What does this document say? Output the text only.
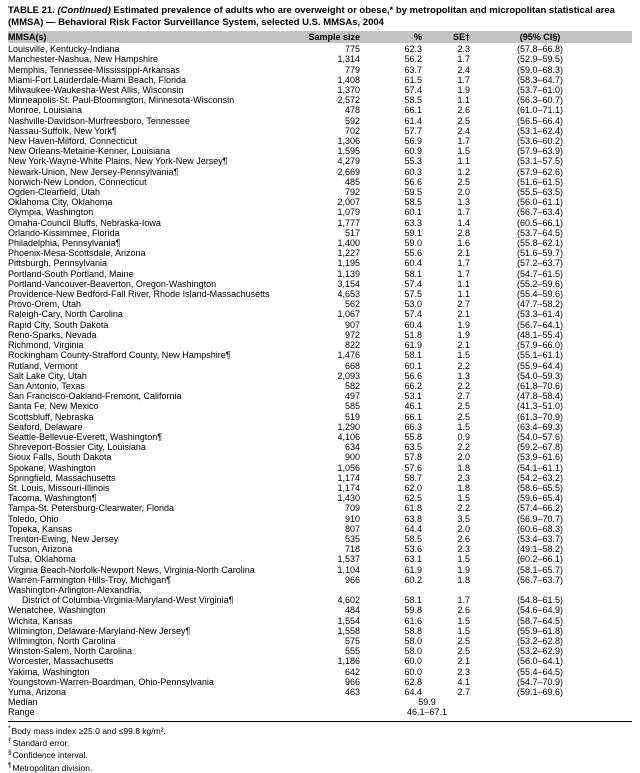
TABLE 21. (Continued) Estimated prevalence of adults who are overweight or obese,* by metropolitan and micropolitan statistical area (MMSA) — Behavioral Risk Factor Surveillance System, selected U.S. MMSAs, 2004
MMSA(s)	Sample size	%	SE†	(95% CI§)
Louisville, Kentucky-Indiana	775	62.3	2.3	(57.8–66.8)
Manchester-Nashua, New Hampshire	1,314	56.2	1.7	(52.9–59.5)
Memphis, Tennessee-Mississippi-Arkansas	779	63.7	2.4	(59.0–68.3)
Miami-Fort Lauderdale-Miami Beach, Florida	1,408	61.5	1.7	(58.3–64.7)
Milwaukee-Waukesha-West Allis, Wisconsin	1,370	57.4	1.9	(53.7–61.0)
Minneapolis-St. Paul-Bloomington, Minnesota-Wisconsin	2,572	58.5	1.1	(56.3–60.7)
Monroe, Louisiana	478	66.1	2.6	(61.0–71.1)
Nashville-Davidson-Murfreesboro, Tennessee	592	61.4	2.5	(56.5–66.4)
Nassau-Suffolk, New York¶	702	57.7	2.4	(53.1–62.4)
New Haven-Milford, Connecticut	1,306	56.9	1.7	(53.6–60.2)
New Orleans-Metairie-Kenner, Louisiana	1,595	60.9	1.5	(57.9–63.9)
New York-Wayne-White Plains, New York-New Jersey¶	4,279	55.3	1.1	(53.1–57.5)
Newark-Union, New Jersey-Pennsylvania¶	2,669	60.3	1.2	(57.9–62.6)
Norwich-New London, Connecticut	485	56.6	2.5	(51.6–61.5)
Ogden-Clearfield, Utah	792	59.5	2.0	(55.5–63.5)
Oklahoma City, Oklahoma	2,007	58.5	1.3	(56.0–61.1)
Olympia, Washington	1,079	60.1	1.7	(56.7–63.4)
Omaha-Council Bluffs, Nebraska-Iowa	1,777	63.3	1.4	(60.5–66.1)
Orlando-Kissimmee, Florida	517	59.1	2.8	(53.7–64.5)
Philadelphia, Pennsylvania¶	1,400	59.0	1.6	(55.8–62.1)
Phoenix-Mesa-Scottsdale, Arizona	1,227	55.6	2.1	(51.6–59.7)
Pittsburgh, Pennsylvania	1,195	60.4	1.7	(57.2–63.7)
Portland-South Portland, Maine	1,139	58.1	1.7	(54.7–61.5)
Portland-Vancouver-Beaverton, Oregon-Washington	3,154	57.4	1.1	(55.2–59.6)
Providence-New Bedford-Fall River, Rhode Island-Massachusetts	4,653	57.5	1.1	(55.4–59.6)
Provo-Orem, Utah	562	53.0	2.7	(47.7–58.2)
Raleigh-Cary, North Carolina	1,067	57.4	2.1	(53.3–61.4)
Rapid City, South Dakota	907	60.4	1.9	(56.7–64.1)
Reno-Sparks, Nevada	972	51.8	1.9	(48.1–55.4)
Richmond, Virginia	822	61.9	2.1	(57.9–66.0)
Rockingham County-Strafford County, New Hampshire¶	1,476	58.1	1.5	(55.1–61.1)
Rutland, Vermont	668	60.1	2.2	(55.9–64.4)
Salt Lake City, Utah	2,093	56.6	1.3	(54.0–59.3)
San Antonio, Texas	582	66.2	2.2	(61.8–70.6)
San Francisco-Oakland-Fremont, California	497	53.1	2.7	(47.8–58.4)
Santa Fe, New Mexico	585	46.1	2.5	(41.3–51.0)
Scottsbluff, Nebraska	519	66.1	2.5	(61.3–70.9)
Seaford, Delaware	1,290	66.3	1.5	(63.4–69.3)
Seattle-Bellevue-Everett, Washington¶	4,106	55.8	0.9	(54.0–57.6)
Shreveport-Bossier City, Louisiana	634	63.5	2.2	(59.2–67.8)
Sioux Falls, South Dakota	900	57.8	2.0	(53.9–61.6)
Spokane, Washington	1,056	57.6	1.8	(54.1–61.1)
Springfield, Massachusetts	1,174	58.7	2.3	(54.2–63.2)
St. Louis, Missouri-Illinois	1,174	62.0	1.8	(58.6–65.5)
Tacoma, Washington¶	1,430	62.5	1.5	(59.6–65.4)
Tampa-St. Petersburg-Clearwater, Florida	709	61.8	2.2	(57.4–66.2)
Toledo, Ohio	910	63.8	3.5	(56.9–70.7)
Topeka, Kansas	807	64.4	2.0	(60.6–68.3)
Trenton-Ewing, New Jersey	535	58.5	2.6	(53.4–63.7)
Tucson, Arizona	718	53.6	2.3	(49.1–58.2)
Tulsa, Oklahoma	1,537	63.1	1.5	(60.2–66.1)
Virginia Beach-Norfolk-Newport News, Virginia-North Carolina	1,104	61.9	1.9	(58.1–65.7)
Warren-Farmington Hills-Troy, Michigan¶	966	60.2	1.8	(56.7–63.7)
Washington-Arlington-Alexandria,
District of Columbia-Virginia-Maryland-West Virginia¶	4,602	58.1	1.7	(54.8–61.5)
Wenatchee, Washington	484	59.8	2.6	(54.6–64.9)
Wichita, Kansas	1,554	61.6	1.5	(58.7–64.5)
Wilmington, Delaware-Maryland-New Jersey¶	1,558	58.8	1.5	(55.9–61.8)
Wilmington, North Carolina	575	58.0	2.5	(53.2–62.8)
Winston-Salem, North Carolina	555	58.0	2.5	(53.2–62.9)
Worcester, Massachusetts	1,186	60.0	2.1	(56.0–64.1)
Yakima, Washington	642	60.0	2.3	(55.4–64.5)
Youngstown-Warren-Boardman, Ohio-Pennsylvania	966	62.8	4.1	(54.7–70.9)
Yuma, Arizona	463	64.4	2.7	(59.1–69.6)
Median	59.9
Range	46.1–67.1
*Body mass index ≥25.0 and ≤99.8 kg/m².
†Standard error.
§Confidence interval.
¶Metropolitan division.
